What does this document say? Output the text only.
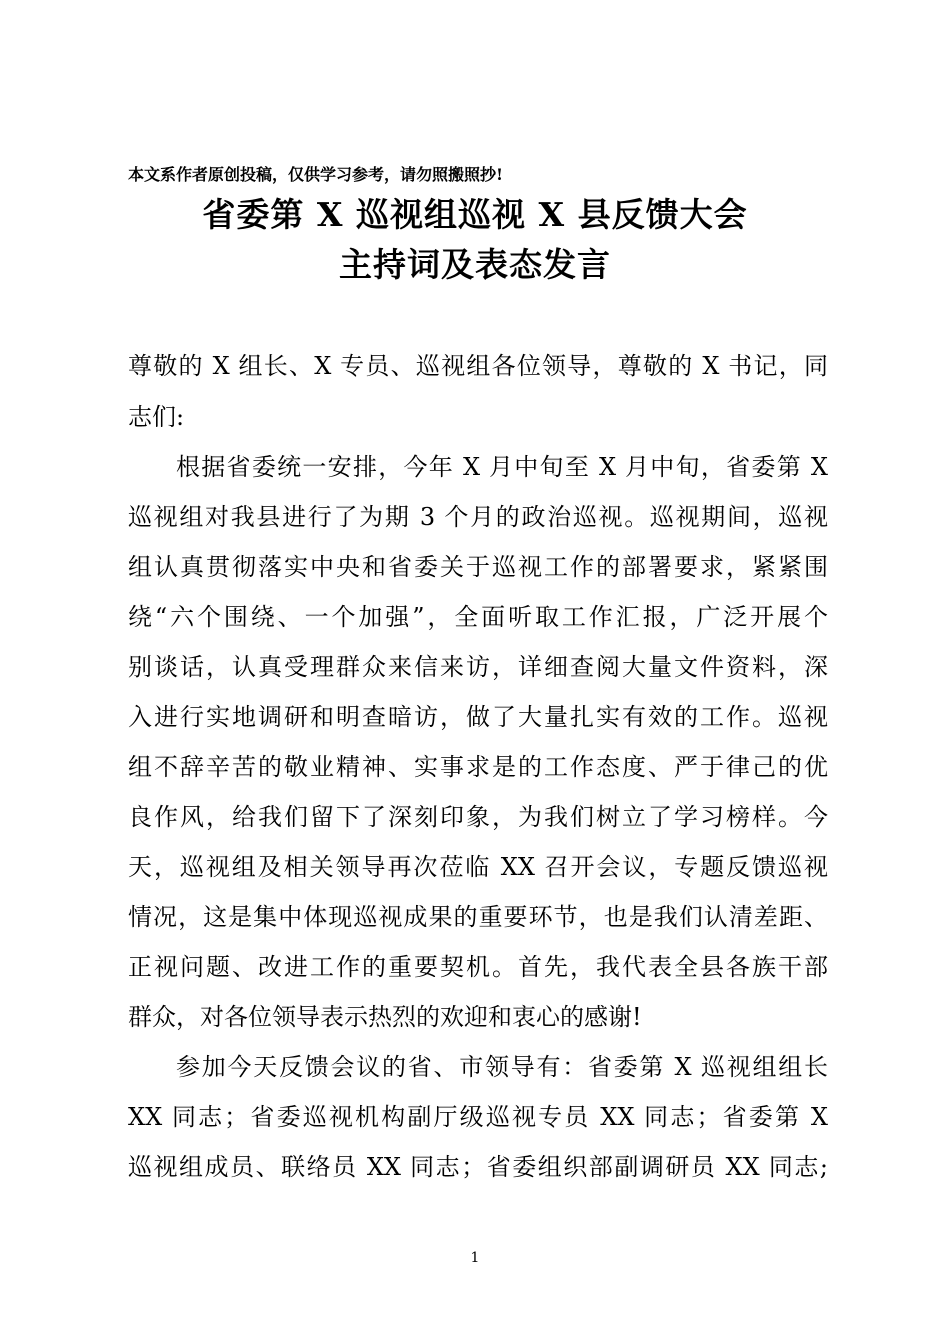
本文系作者原创投稿，仅供学习参考，请勿照搬照抄!
省委第 X 巡视组巡视 X 县反馈大会
主持词及表态发言
尊敬的 X 组长、X 专员、巡视组各位领导，尊敬的 X 书记，同
志们:
根据省委统一安排，今年 X 月中旬至 X 月中旬，省委第 X
巡视组对我县进行了为期 3 个月的政治巡视。巡视期间，巡视
组认真贯彻落实中央和省委关于巡视工作的部署要求，紧紧围
绕“六个围绕、一个加强”，全面听取工作汇报，广泛开展个
别谈话，认真受理群众来信来访，详细查阅大量文件资料，深
入进行实地调研和明查暗访，做了大量扎实有效的工作。巡视
组不辞辛苦的敬业精神、实事求是的工作态度、严于律己的优
良作风，给我们留下了深刻印象，为我们树立了学习榜样。今
天，巡视组及相关领导再次莅临 XX 召开会议，专题反馈巡视
情况，这是集中体现巡视成果的重要环节，也是我们认清差距、
正视问题、改进工作的重要契机。首先，我代表全县各族干部
群众，对各位领导表示热烈的欢迎和衷心的感谢!
参加今天反馈会议的省、市领导有：省委第 X 巡视组组长
XX 同志；省委巡视机构副厅级巡视专员 XX 同志；省委第 X
巡视组成员、联络员 XX 同志；省委组织部副调研员 XX 同志;
1
